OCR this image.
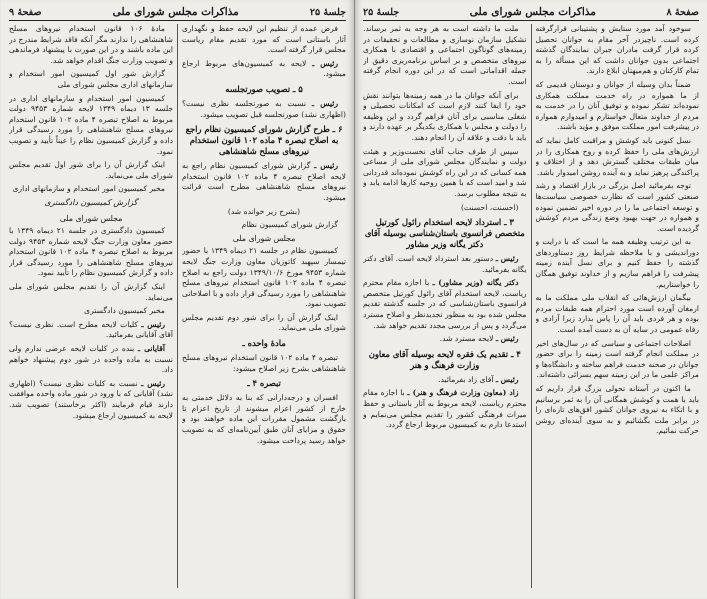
صفحهٔ ۸
مذاکرات مجلس شورای ملی
جلسهٔ ۲۵
سوخود آمد مورد ستایش و پشتیبانی قرارگرفته کرده است. ناچیزدر آخر مقام به جوانان تحصیل کرده قرار گرفت مادران جبران نمایندگان گذشته اجتماعی بدون جوانان داشت که این مسأله را به تمام کارکنان و هم‌میهنان ابلاغ دارند.
ضمناً بدان وسیله از جوانان و دوستان قدیمی که از ما همواره در راه خدمت مملکت همکاری نموده‌اند تشکر نموده و توفیق آنان را در خدمت به مردم از خداوند متعال خواستارم و امیدوارم همواره در پیشرفت امور مملکت موفق و مؤید باشند.
نسل کنونی باید کوشش و مراقبت کامل نماید که ارزش‌های ملی را حفظ کرده و روح همکاری را در میان طبقات مختلف گسترش دهد و از اختلاف و پراکندگی پرهیز نماید و به آینده روشن امیدوار باشد.
توجه بفرمائید اصل بزرگی در بازار اقتصاد و رشد صنعتی کشور است که نظارت خصوصی سیاست‌ها و توسعه اجتماعی ما را در دوره اخیر تضمین نموده و همواره در جهت بهبود وضع زندگی مردم کوشش گردیده است.
به این ترتیب وظیفه همه ما است که با درایت و دوراندیشی و با ملاحظه شرایط روز دستاوردهای گذشته را حفظ کنیم و برای نسل آینده زمینه پیشرفت را فراهم سازیم و از خداوند توفیق همگان را خواستاریم.
بیگمان ارزش‌هائی که انقلاب ملی مملکت ما به ارمغان آورده است مورد احترام همه طبقات مردم بوده و هر فردی باید آن را پاس بدارد زیرا آزادی و رفاه عمومی در سایه آن به دست آمده است.
اصلاحات اجتماعی و سیاسی که در سال‌های اخیر در مملکت انجام گرفته است زمینه را برای حضور جوانان در صحنه خدمت فراهم ساخته و دانشگاه‌ها و مراکز علمی ما در این زمینه سهم بسزائی داشته‌اند.
ما اکنون در آستانه تحولی بزرگ قرار داریم که باید با همت و کوشش همگانی آن را به ثمر برسانیم و با اتکاء به نیروی جوانان کشور افق‌های تازه‌ای را در برابر ملت بگشائیم و به سوی آینده‌ای روشن حرکت نمائیم.
ملت ما داشته است به هر وجه به ثمر برساند. تشکیل سازمان نوسازی و مطالعات و تحقیقات در زمینه‌های گوناگون اجتماعی و اقتصادی با همکاری نیروهای متخصص و بر اساس برنامه‌ریزی دقیق از جمله اقداماتی است که در این دوره انجام گرفته است.
برای آنکه جوانان ما در همه زمینه‌ها بتوانند نقش خود را ایفا کنند لازم است که امکانات تحصیلی و شغلی مناسبی برای آنان فراهم گردد و این وظیفه را دولت و مجلس با همکاری یکدیگر بر عهده دارند و باید با دقت و علاقه آن را انجام دهند.
سپس از طرف جناب آقای نخست‌وزیر و هیئت دولت و نمایندگان مجلس شورای ملی از مساعی همه کسانی که در این راه کوشش نموده‌اند قدردانی شد و امید است که با همین روحیه کارها ادامه یابد و به نتیجه مطلوب برسد.
(احسنت، احسنت)
۳ ـ استرداد لایحه استخدام رائول کورتیل متخصص فرانسوی باستان‌شناسی بوسیله آقای دکتر یگانه وزیر مشاور
رئیس ـ دستور بعد استرداد لایحه است. آقای دکتر یگانه بفرمائید.
دکتر یگانه (وزیر مشاور) ـ با اجازه مقام محترم ریاست، لایحه استخدام آقای رائول کورتیل متخصص فرانسوی باستان‌شناسی که در جلسه گذشته تقدیم مجلس شده بود به منظور تجدیدنظر و اصلاح مسترد می‌گردد و پس از بررسی مجدد تقدیم خواهد شد.
رئیس ـ لایحه مسترد شد.
۴ ـ تقدیم یک فقره لایحه بوسیله آقای معاون وزارت فرهنگ و هنر
رئیس ـ آقای زاد بفرمائید.
زاد (معاون وزارت فرهنگ و هنر) ـ با اجازه مقام محترم ریاست، لایحه مربوط به آثار باستانی و حفظ میراث فرهنگی کشور را تقدیم مجلس می‌نمایم و استدعا دارم به کمیسیون مربوط ارجاع گردد.
جلسهٔ ۲۵
مذاکرات مجلس شورای ملی
صفحهٔ ۹
فرض عمده از تنظیم این لایحه حفظ و نگهداری آثار باستانی است که مورد تقدیم مقام ریاست مجلس قرار گرفته است.
رئیس ـ لایحه به کمیسیون‌های مربوط ارجاع میشود.
۵ ـ تصویب صورتجلسه
رئیس ـ نسبت به صورتجلسه نظری نیست؟ (اظهاری نشد) صورتجلسه قبل تصویب میشود.
۶ ـ طرح گزارش شورای کمیسیون نظام راجع به اصلاح تبصره ۴ ماده ۱۰۲ قانون استخدام نیروهای مسلح شاهنشاهی
رئیس ـ گزارش شورای کمیسیون نظام راجع به لایحه اصلاح تبصره ۴ ماده ۱۰۲ قانون استخدام نیروهای مسلح شاهنشاهی مطرح است قرائت میشود.
(بشرح زیر خوانده شد)
گزارش شورای کمیسیون نظام
مجلس شورای ملی
کمیسیون نظام در جلسه ۲۱ دیماه ۱۳۴۹ با حضور تیمسار سپهبد کاتوزیان معاون وزارت جنگ لایحه شماره ۹۴۵۳ مورخ ۱۳۴۹/۱۰/۶ دولت راجع به اصلاح تبصره ۴ ماده ۱۰۲ قانون استخدام نیروهای مسلح شاهنشاهی را مورد رسیدگی قرار داده و با اصلاحاتی تصویب نمود.
اینک گزارش آن را برای شور دوم تقدیم مجلس شورای ملی می‌نماید.
مادهٔ واحده ـ
تبصره ۴ ماده ۱۰۲ قانون استخدام نیروهای مسلح شاهنشاهی بشرح زیر اصلاح میشود:
تبصره ۴ ـ
افسران و درجه‌دارانی که بنا به دلائل خدمتی به خارج از کشور اعزام میشوند از تاریخ اعزام تا بازگشت مشمول مقررات این ماده خواهند بود و حقوق و مزایای آنان طبق آیین‌نامه‌ای که به تصویب خواهد رسید پرداخت میشود.
مادهٔ ۱۰۶ قانون استخدام نیروهای مسلح شاهنشاهی را ندارند مگر آنکه فاقد شرایط مندرج در این ماده باشند و در این صورت با پیشنهاد فرماندهی و تصویب وزارت جنگ اقدام خواهد شد.
گزارش شور اول کمیسیون امور استخدام و سازمانهای اداری مجلس شورای ملی
کمیسیون امور استخدام و سازمانهای اداری در جلسه ۱۳ دیماه ۱۳۴۹ لایحه شماره ۹۴۵۳ دولت مربوط به اصلاح تبصره ۴ ماده ۱۰۲ قانون استخدام نیروهای مسلح شاهنشاهی را مورد رسیدگی قرار داده و گزارش کمیسیون نظام را عیناً تأیید و تصویب نمود.
اینک گزارش آن را برای شور اول تقدیم مجلس شورای ملی می‌نماید.
مخبر کمیسیون امور استخدام و سازمانهای اداری
گزارش کمیسیون دادگستری
مجلس شورای ملی
کمیسیون دادگستری در جلسه ۲۱ دیماه ۱۳۴۹ با حضور معاون وزارت جنگ لایحه شماره ۹۴۵۳ دولت مربوط به اصلاح تبصره ۴ ماده ۱۰۲ قانون استخدام نیروهای مسلح شاهنشاهی را مورد رسیدگی قرار داده و گزارش کمیسیون نظام را تأیید نمود.
اینک گزارش آن را تقدیم مجلس شورای ملی می‌نماید.
مخبر کمیسیون دادگستری
رئیس ـ کلیات لایحه مطرح است. نظری نیست؟ آقای آقایانی بفرمائید.
آقایانی ـ بنده در کلیات لایحه عرضی ندارم ولی نسبت به ماده واحده در شور دوم پیشنهاد خواهم داد.
رئیس ـ نسبت به کلیات نظری نیست؟ (اظهاری نشد) آقایانی که با ورود در شور ماده واحده موافقت دارند قیام فرمایند (اکثر برخاستند) تصویب شد. لایحه به کمیسیون ارجاع میشود.
